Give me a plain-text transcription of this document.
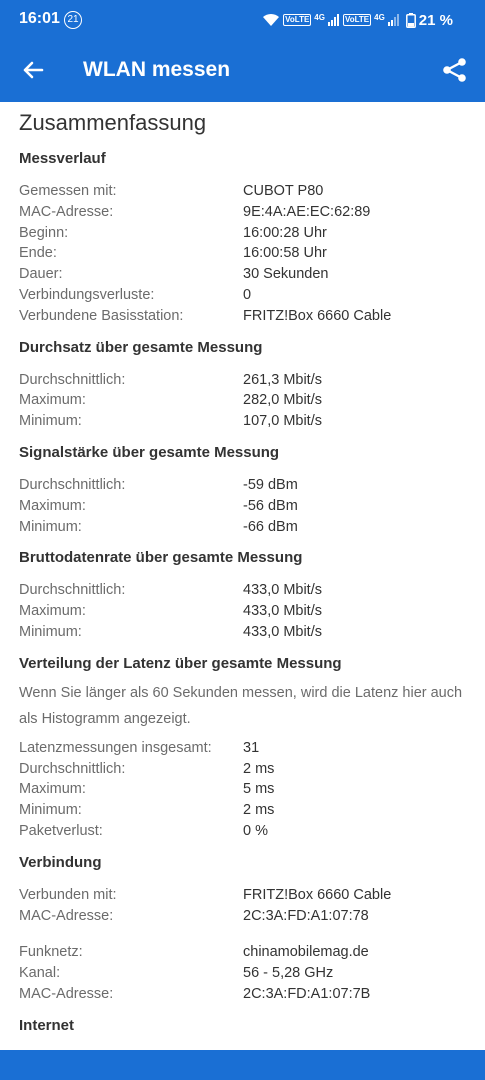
16:01 21	VoLTE 4G	VoLTE 4G 21 %
WLAN messen
Zusammenfassung
Messverlauf
Gemessen mit:	CUBOT P80
MAC-Adresse:	9E:4A:AE:EC:62:89
Beginn:	16:00:28 Uhr
Ende:	16:00:58 Uhr
Dauer:	30 Sekunden
Verbindungsverluste:	0
Verbundene Basisstation:	FRITZ!Box 6660 Cable
Durchsatz über gesamte Messung
Durchschnittlich:	261,3 Mbit/s
Maximum:	282,0 Mbit/s
Minimum:	107,0 Mbit/s
Signalstärke über gesamte Messung
Durchschnittlich:	-59 dBm
Maximum:	-56 dBm
Minimum:	-66 dBm
Bruttodatenrate über gesamte Messung
Durchschnittlich:	433,0 Mbit/s
Maximum:	433,0 Mbit/s
Minimum:	433,0 Mbit/s
Verteilung der Latenz über gesamte Messung
Wenn Sie länger als 60 Sekunden messen, wird die Latenz hier auch als Histogramm angezeigt.
Latenzmessungen insgesamt:	31
Durchschnittlich:	2 ms
Maximum:	5 ms
Minimum:	2 ms
Paketverlust:	0 %
Verbindung
Verbunden mit:	FRITZ!Box 6660 Cable
MAC-Adresse:	2C:3A:FD:A1:07:78
Funknetz:	chinamobilemag.de
Kanal:	56 - 5,28 GHz
MAC-Adresse:	2C:3A:FD:A1:07:7B
Internet
